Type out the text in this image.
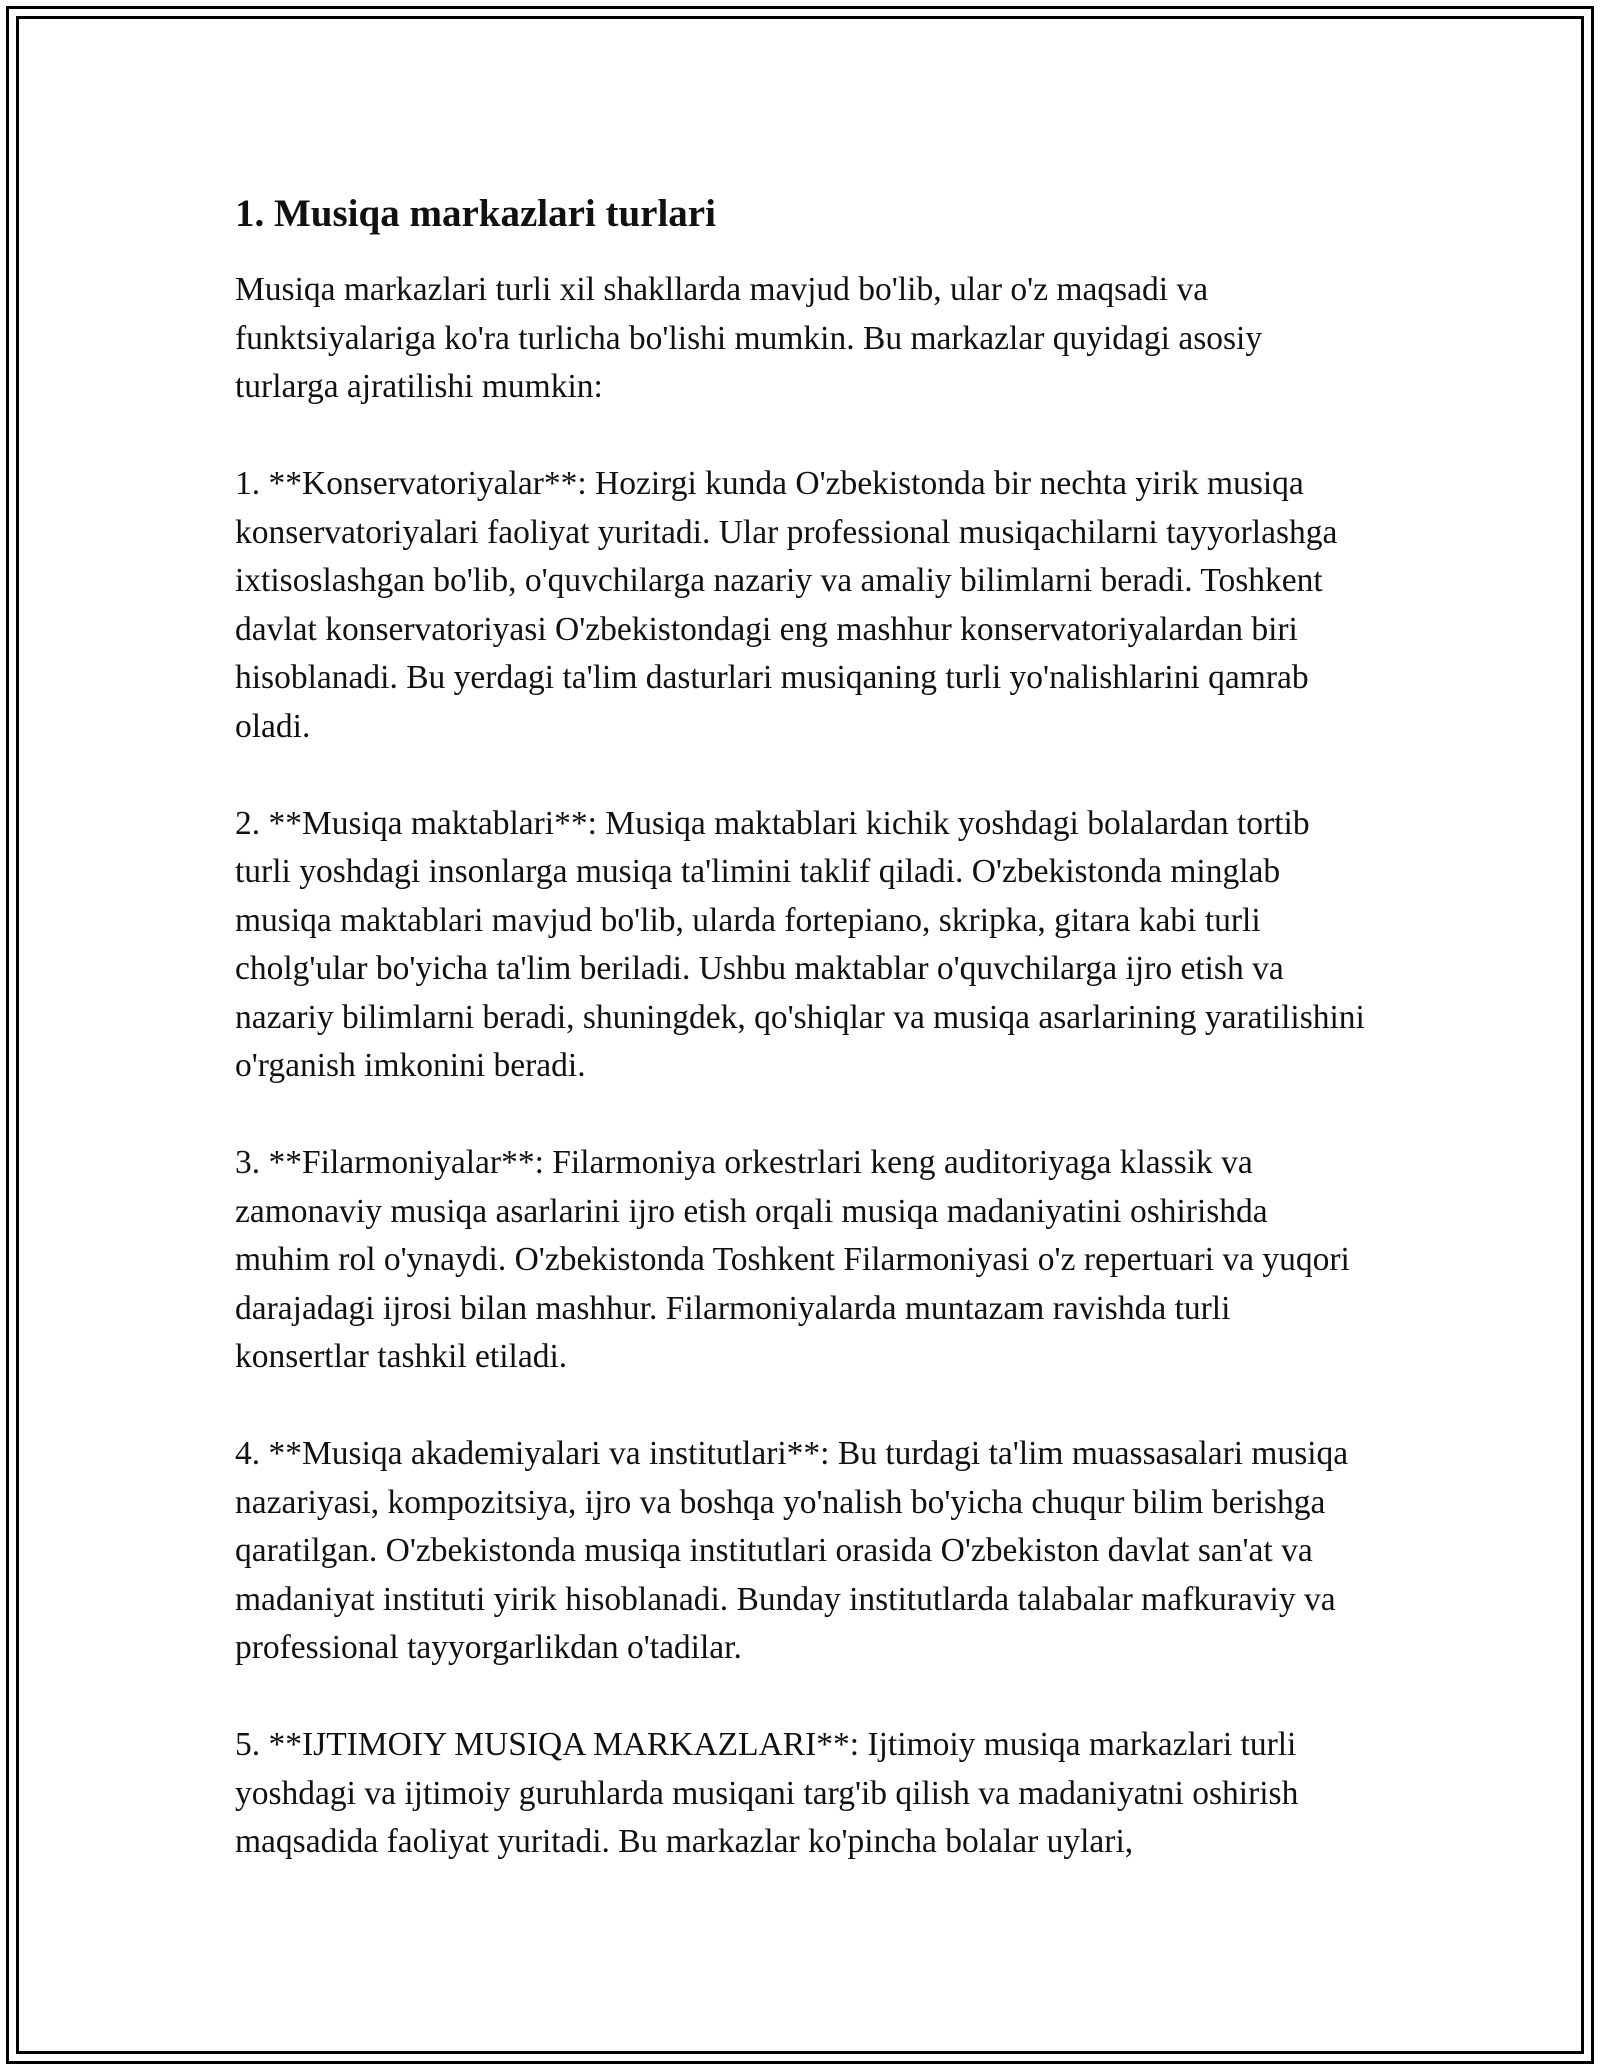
1. Musiqa markazlari turlari

Musiqa markazlari turli xil shakllarda mavjud bo'lib, ular o'z maqsadi va funktsiyalariga ko'ra turlicha bo'lishi mumkin. Bu markazlar quyidagi asosiy turlarga ajratilishi mumkin:

1. **Konservatoriyalar**: Hozirgi kunda O'zbekistonda bir nechta yirik musiqa konservatoriyalari faoliyat yuritadi. Ular professional musiqachilarni tayyorlashga ixtisoslashgan bo'lib, o'quvchilarga nazariy va amaliy bilimlarni beradi. Toshkent davlat konservatoriyasi O'zbekistondagi eng mashhur konservatoriyalardan biri hisoblanadi. Bu yerdagi ta'lim dasturlari musiqaning turli yo'nalishlarini qamrab oladi.

2. **Musiqa maktablari**: Musiqa maktablari kichik yoshdagi bolalardan tortib turli yoshdagi insonlarga musiqa ta'limini taklif qiladi. O'zbekistonda minglab musiqa maktablari mavjud bo'lib, ularda fortepiano, skripka, gitara kabi turli cholg'ular bo'yicha ta'lim beriladi. Ushbu maktablar o'quvchilarga ijro etish va nazariy bilimlarni beradi, shuningdek, qo'shiqlar va musiqa asarlarining yaratilishini o'rganish imkonini beradi.

3. **Filarmoniyalar**: Filarmoniya orkestrlari keng auditoriyaga klassik va zamonaviy musiqa asarlarini ijro etish orqali musiqa madaniyatini oshirishda muhim rol o'ynaydi. O'zbekistonda Toshkent Filarmoniyasi o'z repertuari va yuqori darajadagi ijrosi bilan mashhur. Filarmoniyalarda muntazam ravishda turli konsertlar tashkil etiladi.

4. **Musiqa akademiyalari va institutlari**: Bu turdagi ta'lim muassasalari musiqa nazariyasi, kompozitsiya, ijro va boshqa yo'nalish bo'yicha chuqur bilim berishga qaratilgan. O'zbekistonda musiqa institutlari orasida O'zbekiston davlat san'at va madaniyat instituti yirik hisoblanadi. Bunday institutlarda talabalar mafkuraviy va professional tayyorgarlikdan o'tadilar.

5. **IJTIMOIY MUSIQA MARKAZLARI**: Ijtimoiy musiqa markazlari turli yoshdagi va ijtimoiy guruhlarda musiqani targ'ib qilish va madaniyatni oshirish maqsadida faoliyat yuritadi. Bu markazlar ko'pincha bolalar uylari,
